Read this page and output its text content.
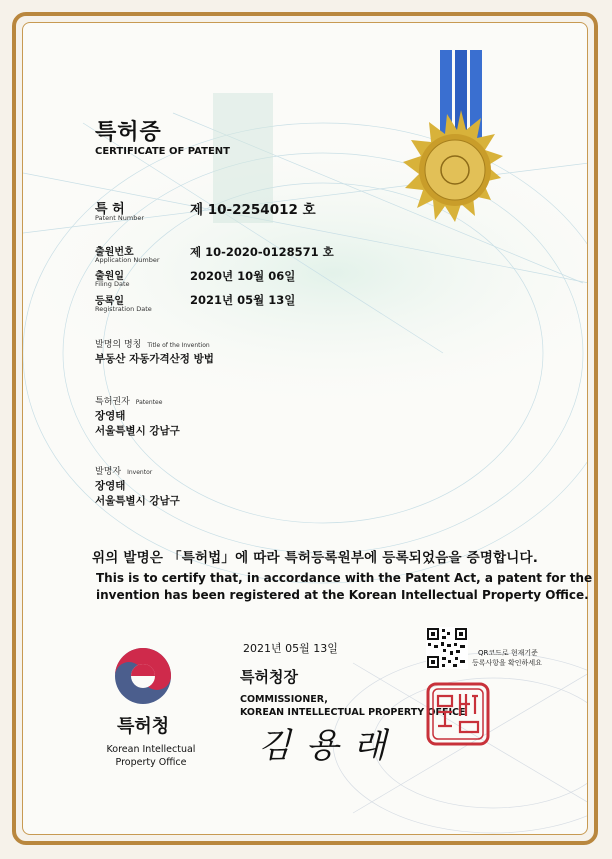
특허증
CERTIFICATE OF PATENT
특 허
Patent Number	제 10-2254012 호
출원번호
Application Number
제 10-2020-0128571 호
출원일
Filing Date
2020년 10월 06일
등록일
Registration Date
2021년 05월 13일
발명의 명칭 Title of the Invention
부동산 자동가격산정 방법
특허권자 Patentee
장영태
서울특별시 강남구
발명자 Inventor
장영태
서울특별시 강남구
위의 발명은 「특허법」에 따라 특허등록원부에 등록되었음을 증명합니다.
This is to certify that, in accordance with the Patent Act, a patent for the
invention has been registered at the Korean Intellectual Property Office.
특허청
Korean Intellectual
Property Office
2021년 05월 13일
특허청장
COMMISSIONER,
KOREAN INTELLECTUAL PROPERTY OFFICE
김 용 래
QR코드로 현재기준
등록사항을 확인하세요
